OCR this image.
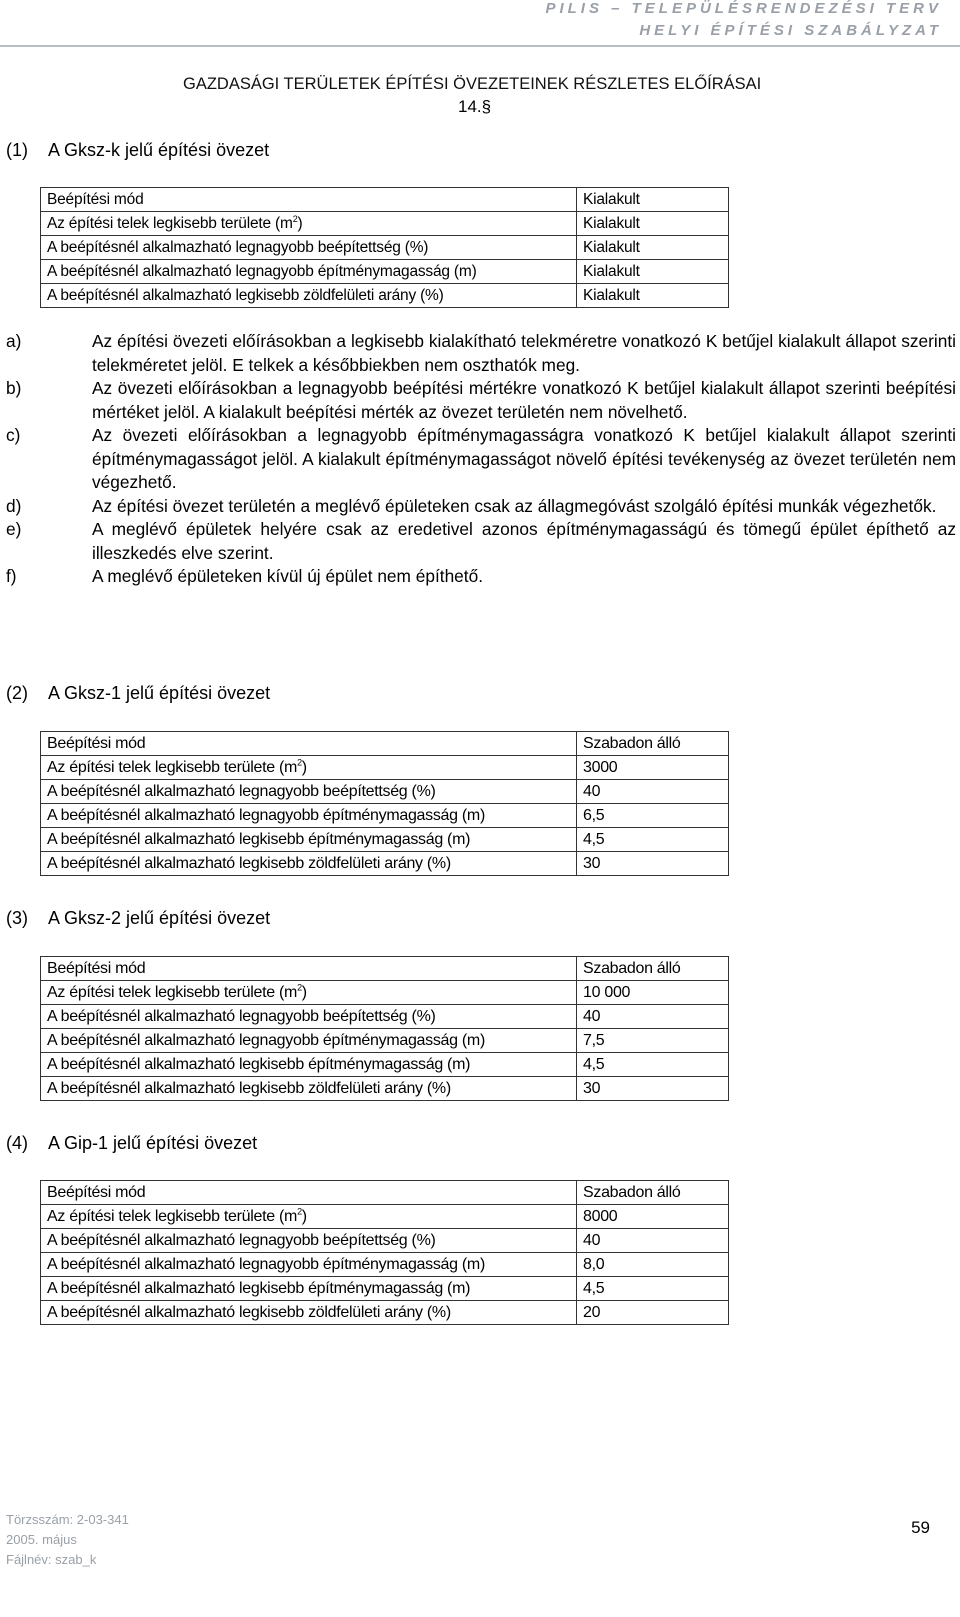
PILIS – TELEPÜLÉSRENDEZÉSI TERV
HELYI ÉPÍTÉSI SZABÁLYZAT
GAZDASÁGI TERÜLETEK ÉPÍTÉSI ÖVEZETEINEK RÉSZLETES ELŐÍRÁSAI
14.§
(1) A Gksz-k jelű építési övezet
Beépítési mód	Kialakult
Az építési telek legkisebb területe $(m^2)$	Kialakult
A beépítésnél alkalmazható legnagyobb beépítettség (%)	Kialakult
A beépítésnél alkalmazható legnagyobb építménymagasság (m)	Kialakult
A beépítésnél alkalmazható legkisebb zöldfelületi arány (%)	Kialakult
a)	Az építési övezeti előírásokban a legkisebb kialakítható telekméretre vonatkozó K betűjel kialakult állapot szerinti telekméretet jelöl. E telkek a későbbiekben nem oszthatók meg.
b)	Az övezeti előírásokban a legnagyobb beépítési mértékre vonatkozó K betűjel kialakult állapot szerinti beépítési mértéket jelöl. A kialakult beépítési mérték az övezet területén nem növelhető.
c)	Az övezeti előírásokban a legnagyobb építménymagasságra vonatkozó K betűjel kialakult állapot szerinti építménymagasságot jelöl. A kialakult építménymagasságot növelő építési tevékenység az övezet területén nem végezhető.
d)	Az építési övezet területén a meglévő épületeken csak az állagmegóvást szolgáló építési munkák végezhetők.
e)	A meglévő épületek helyére csak az eredetivel azonos építménymagasságú és tömegű épület építhető az illeszkedés elve szerint.
f)	A meglévő épületeken kívül új épület nem építhető.
(2) A Gksz-1 jelű építési övezet
Beépítési mód	Szabadon álló
Az építési telek legkisebb területe $(m^2)$	3000
A beépítésnél alkalmazható legnagyobb beépítettség (%)	40
A beépítésnél alkalmazható legnagyobb építménymagasság (m)	6,5
A beépítésnél alkalmazható legkisebb építménymagasság (m)	4,5
A beépítésnél alkalmazható legkisebb zöldfelületi arány (%)	30
(3) A Gksz-2 jelű építési övezet
Beépítési mód	Szabadon álló
Az építési telek legkisebb területe $(m^2)$	10 000
A beépítésnél alkalmazható legnagyobb beépítettség (%)	40
A beépítésnél alkalmazható legnagyobb építménymagasság (m)	7,5
A beépítésnél alkalmazható legkisebb építménymagasság (m)	4,5
A beépítésnél alkalmazható legkisebb zöldfelületi arány (%)	30
(4) A Gip-1 jelű építési övezet
Beépítési mód	Szabadon álló
Az építési telek legkisebb területe $(m^2)$	8000
A beépítésnél alkalmazható legnagyobb beépítettség (%)	40
A beépítésnél alkalmazható legnagyobb építménymagasság (m)	8,0
A beépítésnél alkalmazható legkisebb építménymagasság (m)	4,5
A beépítésnél alkalmazható legkisebb zöldfelületi arány (%)	20
Törzsszám: 2-03-341
2005. május
Fájlnév: szab_k
59
